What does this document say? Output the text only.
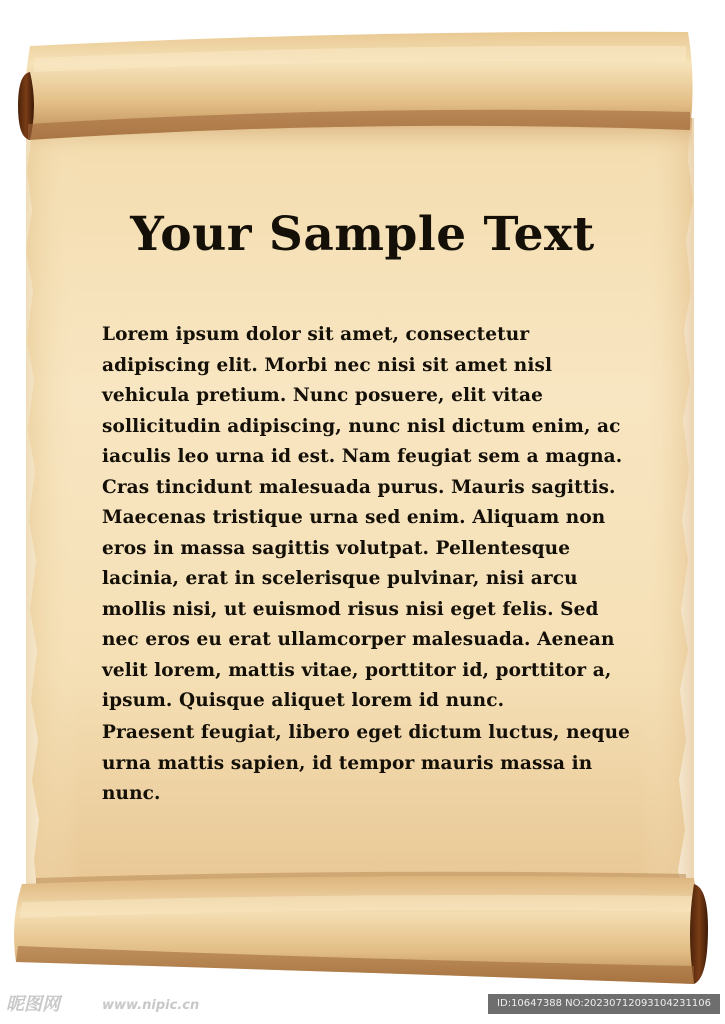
Your Sample Text

Lorem ipsum dolor sit amet, consectetur adipiscing elit. Morbi nec nisi sit amet nisl vehicula pretium. Nunc posuere, elit vitae sollicitudin adipiscing, nunc nisl dictum enim, ac iaculis leo urna id est. Nam feugiat sem a magna. Cras tincidunt malesuada purus. Mauris sagittis. Maecenas tristique urna sed enim. Aliquam non eros in massa sagittis volutpat. Pellentesque lacinia, erat in scelerisque pulvinar, nisi arcu mollis nisi, ut euismod risus nisi eget felis. Sed nec eros eu erat ullamcorper malesuada. Aenean velit lorem, mattis vitae, porttitor id, porttitor a, ipsum. Quisque aliquet lorem id nunc.

Praesent feugiat, libero eget dictum luctus, neque urna mattis sapien, id tempor mauris massa in nunc.

昵图网	www.nipic.cn	ID:10647388 NO:20230712093104231106
